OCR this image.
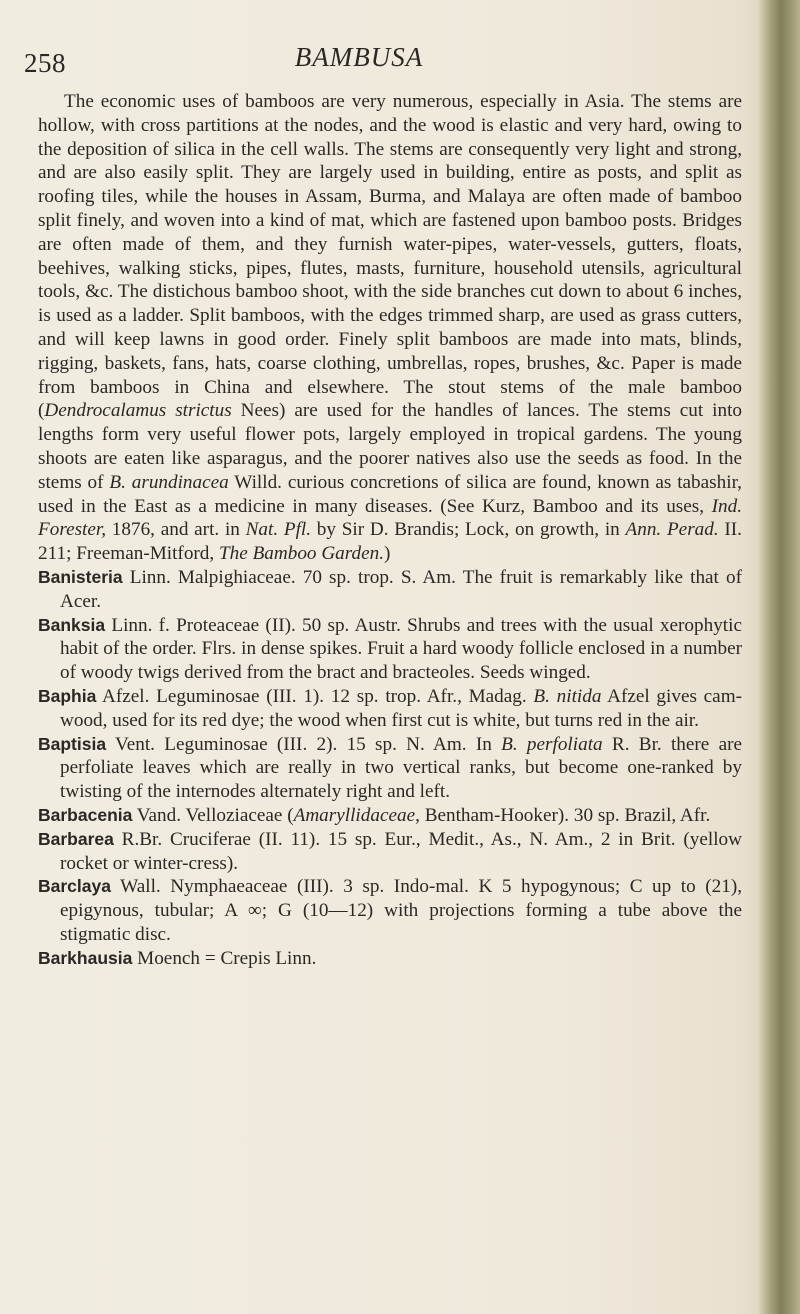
258	BAMBUSA

The economic uses of bamboos are very numerous, especially in Asia. The stems are hollow, with cross partitions at the nodes, and the wood is elastic and very hard, owing to the deposition of silica in the cell walls. The stems are consequently very light and strong, and are also easily split. They are largely used in building, entire as posts, and split as roofing tiles, while the houses in Assam, Burma, and Malaya are often made of bamboo split finely, and woven into a kind of mat, which are fastened upon bamboo posts. Bridges are often made of them, and they furnish water-pipes, water-vessels, gutters, floats, beehives, walking sticks, pipes, flutes, masts, furniture, household utensils, agricultural tools, &c. The distichous bamboo shoot, with the side branches cut down to about 6 inches, is used as a ladder. Split bamboos, with the edges trimmed sharp, are used as grass cutters, and will keep lawns in good order. Finely split bamboos are made into mats, blinds, rigging, baskets, fans, hats, coarse clothing, umbrellas, ropes, brushes, &c. Paper is made from bamboos in China and elsewhere. The stout stems of the male bamboo (Dendrocalamus strictus Nees) are used for the handles of lances. The stems cut into lengths form very useful flower pots, largely employed in tropical gardens. The young shoots are eaten like asparagus, and the poorer natives also use the seeds as food. In the stems of B. arundinacea Willd. curious concretions of silica are found, known as tabashir, used in the East as a medicine in many diseases. (See Kurz, Bamboo and its uses, Ind. Forester, 1876, and art. in Nat. Pfl. by Sir D. Brandis; Lock, on growth, in Ann. Perad. II. 211; Freeman-Mitford, The Bamboo Garden.)

Banisteria Linn. Malpighiaceae. 70 sp. trop. S. Am. The fruit is remarkably like that of Acer.

Banksia Linn. f. Proteaceae (II). 50 sp. Austr. Shrubs and trees with the usual xerophytic habit of the order. Flrs. in dense spikes. Fruit a hard woody follicle enclosed in a number of woody twigs derived from the bract and bracteoles. Seeds winged.

Baphia Afzel. Leguminosae (III. 1). 12 sp. trop. Afr., Madag. B. nitida Afzel gives cam-wood, used for its red dye; the wood when first cut is white, but turns red in the air.

Baptisia Vent. Leguminosae (III. 2). 15 sp. N. Am. In B. perfoliata R. Br. there are perfoliate leaves which are really in two vertical ranks, but become one-ranked by twisting of the internodes alternately right and left.

Barbacenia Vand. Velloziaceae (Amaryllidaceae, Bentham-Hooker). 30 sp. Brazil, Afr.

Barbarea R.Br. Cruciferae (II. 11). 15 sp. Eur., Medit., As., N. Am., 2 in Brit. (yellow rocket or winter-cress).

Barclaya Wall. Nymphaeaceae (III). 3 sp. Indo-mal. K 5 hypogynous; C up to (21), epigynous, tubular; A ∞; G (10—12) with projections forming a tube above the stigmatic disc.

Barkhausia Moench = Crepis Linn.
